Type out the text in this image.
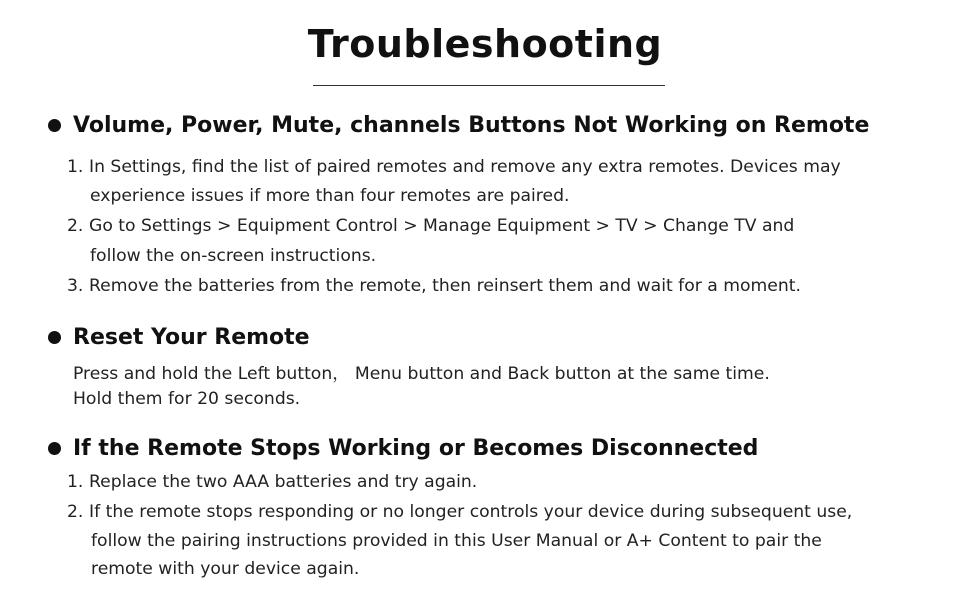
Troubleshooting
Volume, Power, Mute, channels Buttons Not Working on Remote
1. In Settings, find the list of paired remotes and remove any extra remotes. Devices may
experience issues if more than four remotes are paired.
2. Go to Settings > Equipment Control > Manage Equipment > TV > Change TV and
follow the on-screen instructions.
3. Remove the batteries from the remote, then reinsert them and wait for a moment.
Reset Your Remote
Press and hold the Left button， Menu button and Back button at the same time.
Hold them for 20 seconds.
If the Remote Stops Working or Becomes Disconnected
1. Replace the two AAA batteries and try again.
2. If the remote stops responding or no longer controls your device during subsequent use,
follow the pairing instructions provided in this User Manual or A+ Content to pair the
remote with your device again.
